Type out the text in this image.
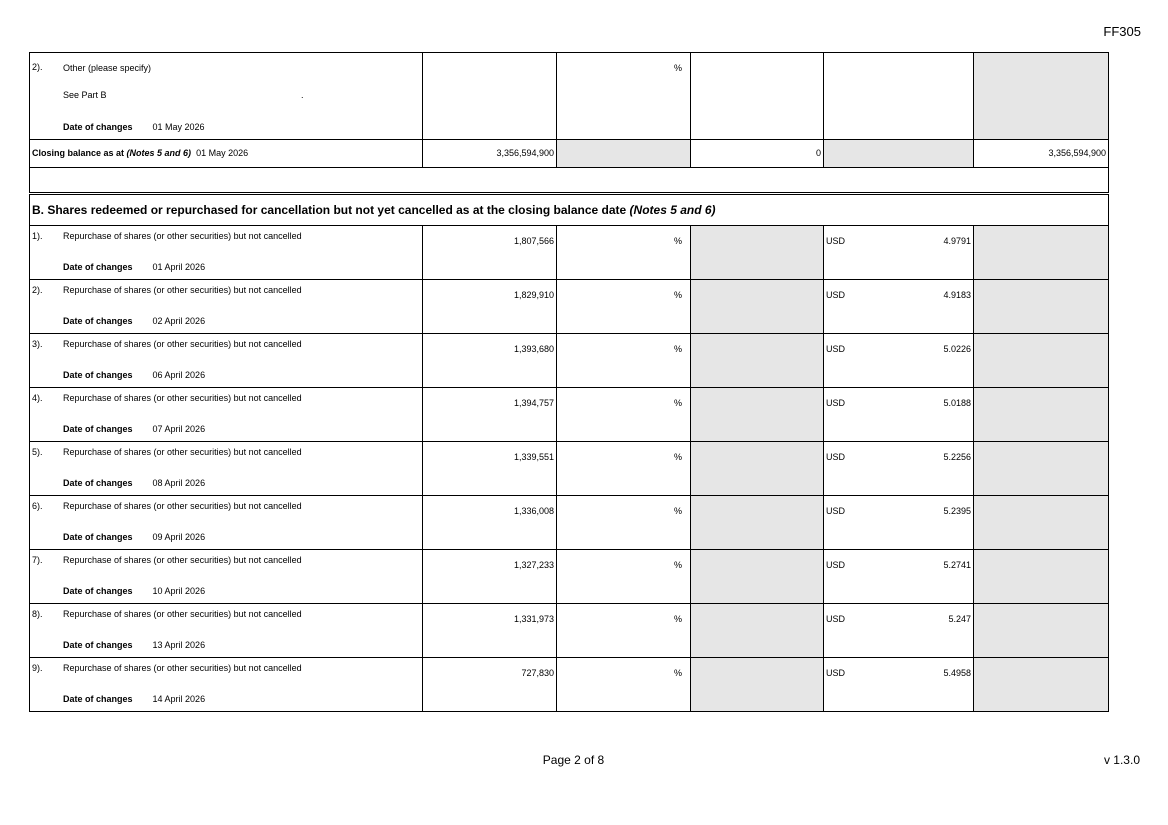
FF305
2). Other (please specify)
See Part B .
Date of changes 01 May 2026		%			

Closing balance as at (Notes 5 and 6) 01 May 2026	3,356,594,900		0		3,356,594,900

B. Shares redeemed or repurchased for cancellation but not yet cancelled as at the closing balance date (Notes 5 and 6)					

1). Repurchase of shares (or other securities) but not cancelled
Date of changes 01 April 2026	1,807,566	%		USD 4.9791	

2). Repurchase of shares (or other securities) but not cancelled
Date of changes 02 April 2026	1,829,910	%		USD 4.9183	

3). Repurchase of shares (or other securities) but not cancelled
Date of changes 06 April 2026	1,393,680	%		USD 5.0226	

4). Repurchase of shares (or other securities) but not cancelled
Date of changes 07 April 2026	1,394,757	%		USD 5.0188	

5). Repurchase of shares (or other securities) but not cancelled
Date of changes 08 April 2026	1,339,551	%		USD 5.2256	

6). Repurchase of shares (or other securities) but not cancelled
Date of changes 09 April 2026	1,336,008	%		USD 5.2395	

7). Repurchase of shares (or other securities) but not cancelled
Date of changes 10 April 2026	1,327,233	%		USD 5.2741	

8). Repurchase of shares (or other securities) but not cancelled
Date of changes 13 April 2026	1,331,973	%		USD 5.247	

9). Repurchase of shares (or other securities) but not cancelled
Date of changes 14 April 2026	727,830	%		USD 5.4958	

Page 2 of 8	v 1.3.0
